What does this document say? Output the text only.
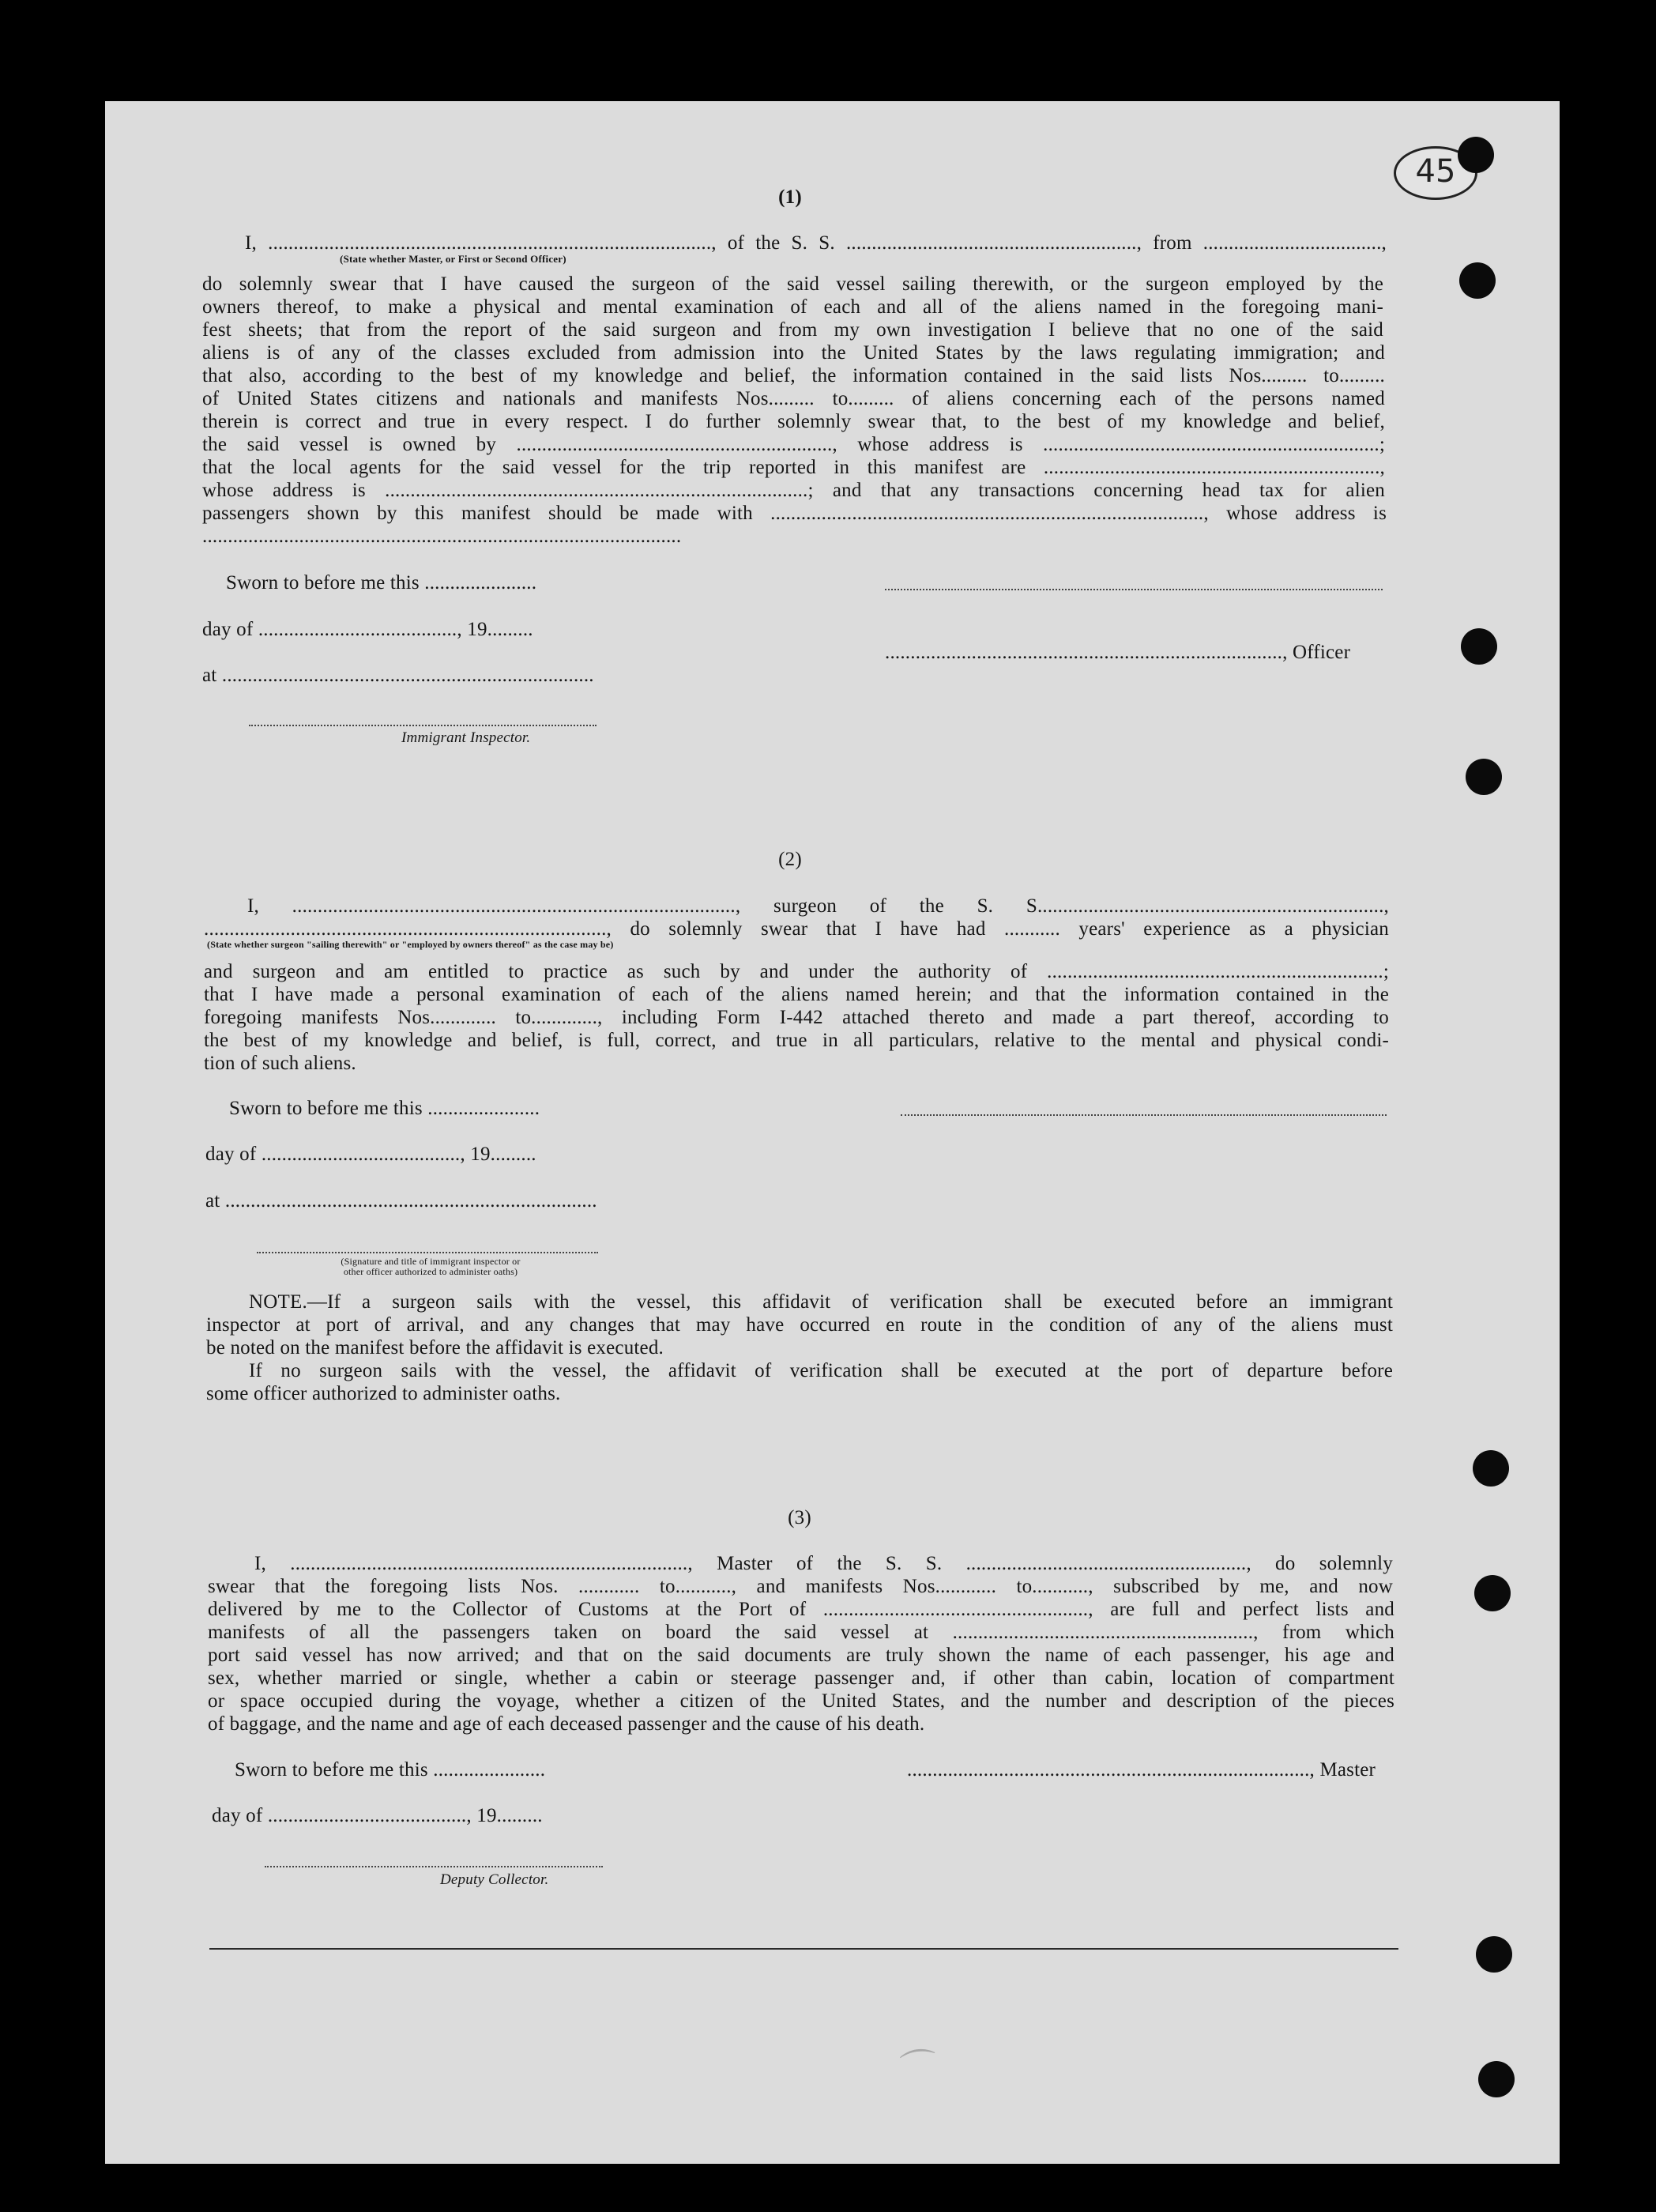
45
(1)
I, ......................................................................................., of the S. S. ........................................................., from ...................................,
(State whether Master, or First or Second Officer)
do solemnly swear that I have caused the surgeon of the said vessel sailing therewith, or the surgeon employed by the
owners thereof, to make a physical and mental examination of each and all of the aliens named in the foregoing mani-
fest sheets; that from the report of the said surgeon and from my own investigation I believe that no one of the said
aliens is of any of the classes excluded from admission into the United States by the laws regulating immigration; and
that also, according to the best of my knowledge and belief, the information contained in the said lists Nos......... to.........
of United States citizens and nationals and manifests Nos......... to......... of aliens concerning each of the persons named
therein is correct and true in every respect. I do further solemnly swear that, to the best of my knowledge and belief,
the said vessel is owned by .............................................................., whose address is ..................................................................;
that the local agents for the said vessel for the trip reported in this manifest are ..................................................................,
whose address is ...................................................................................; and that any transactions concerning head tax for alien
passengers shown by this manifest should be made with ....................................................................................., whose address is
..............................................................................................
Sworn to before me this ......................
day of ......................................., 19.........
.............................................................................., Officer
at .........................................................................
Immigrant Inspector.
(2)
I, ......................................................................................., surgeon of the S. S....................................................................,
..............................................................................., do solemnly swear that I have had ........... years' experience as a physician
(State whether surgeon "sailing therewith" or "employed by owners thereof" as the case may be)
and surgeon and am entitled to practice as such by and under the authority of ..................................................................;
that I have made a personal examination of each of the aliens named herein; and that the information contained in the
foregoing manifests Nos............. to............., including Form I-442 attached thereto and made a part thereof, according to
the best of my knowledge and belief, is full, correct, and true in all particulars, relative to the mental and physical condi-
tion of such aliens.
Sworn to before me this ......................
day of ......................................., 19.........
at .........................................................................
(Signature and title of immigrant inspector or
other officer authorized to administer oaths)
NOTE.—If a surgeon sails with the vessel, this affidavit of verification shall be executed before an immigrant
inspector at port of arrival, and any changes that may have occurred en route in the condition of any of the aliens must
be noted on the manifest before the affidavit is executed.
If no surgeon sails with the vessel, the affidavit of verification shall be executed at the port of departure before
some officer authorized to administer oaths.
(3)
I, .............................................................................., Master of the S. S. ......................................................., do solemnly
swear that the foregoing lists Nos. ............ to..........., and manifests Nos............ to..........., subscribed by me, and now
delivered by me to the Collector of Customs at the Port of ...................................................., are full and perfect lists and
manifests of all the passengers taken on board the said vessel at ..........................................................., from which
port said vessel has now arrived; and that on the said documents are truly shown the name of each passenger, his age and
sex, whether married or single, whether a cabin or steerage passenger and, if other than cabin, location of compartment
or space occupied during the voyage, whether a citizen of the United States, and the number and description of the pieces
of baggage, and the name and age of each deceased passenger and the cause of his death.
Sworn to before me this ......................	..............................................................................., Master
day of ......................................., 19.........
Deputy Collector.
⌒
